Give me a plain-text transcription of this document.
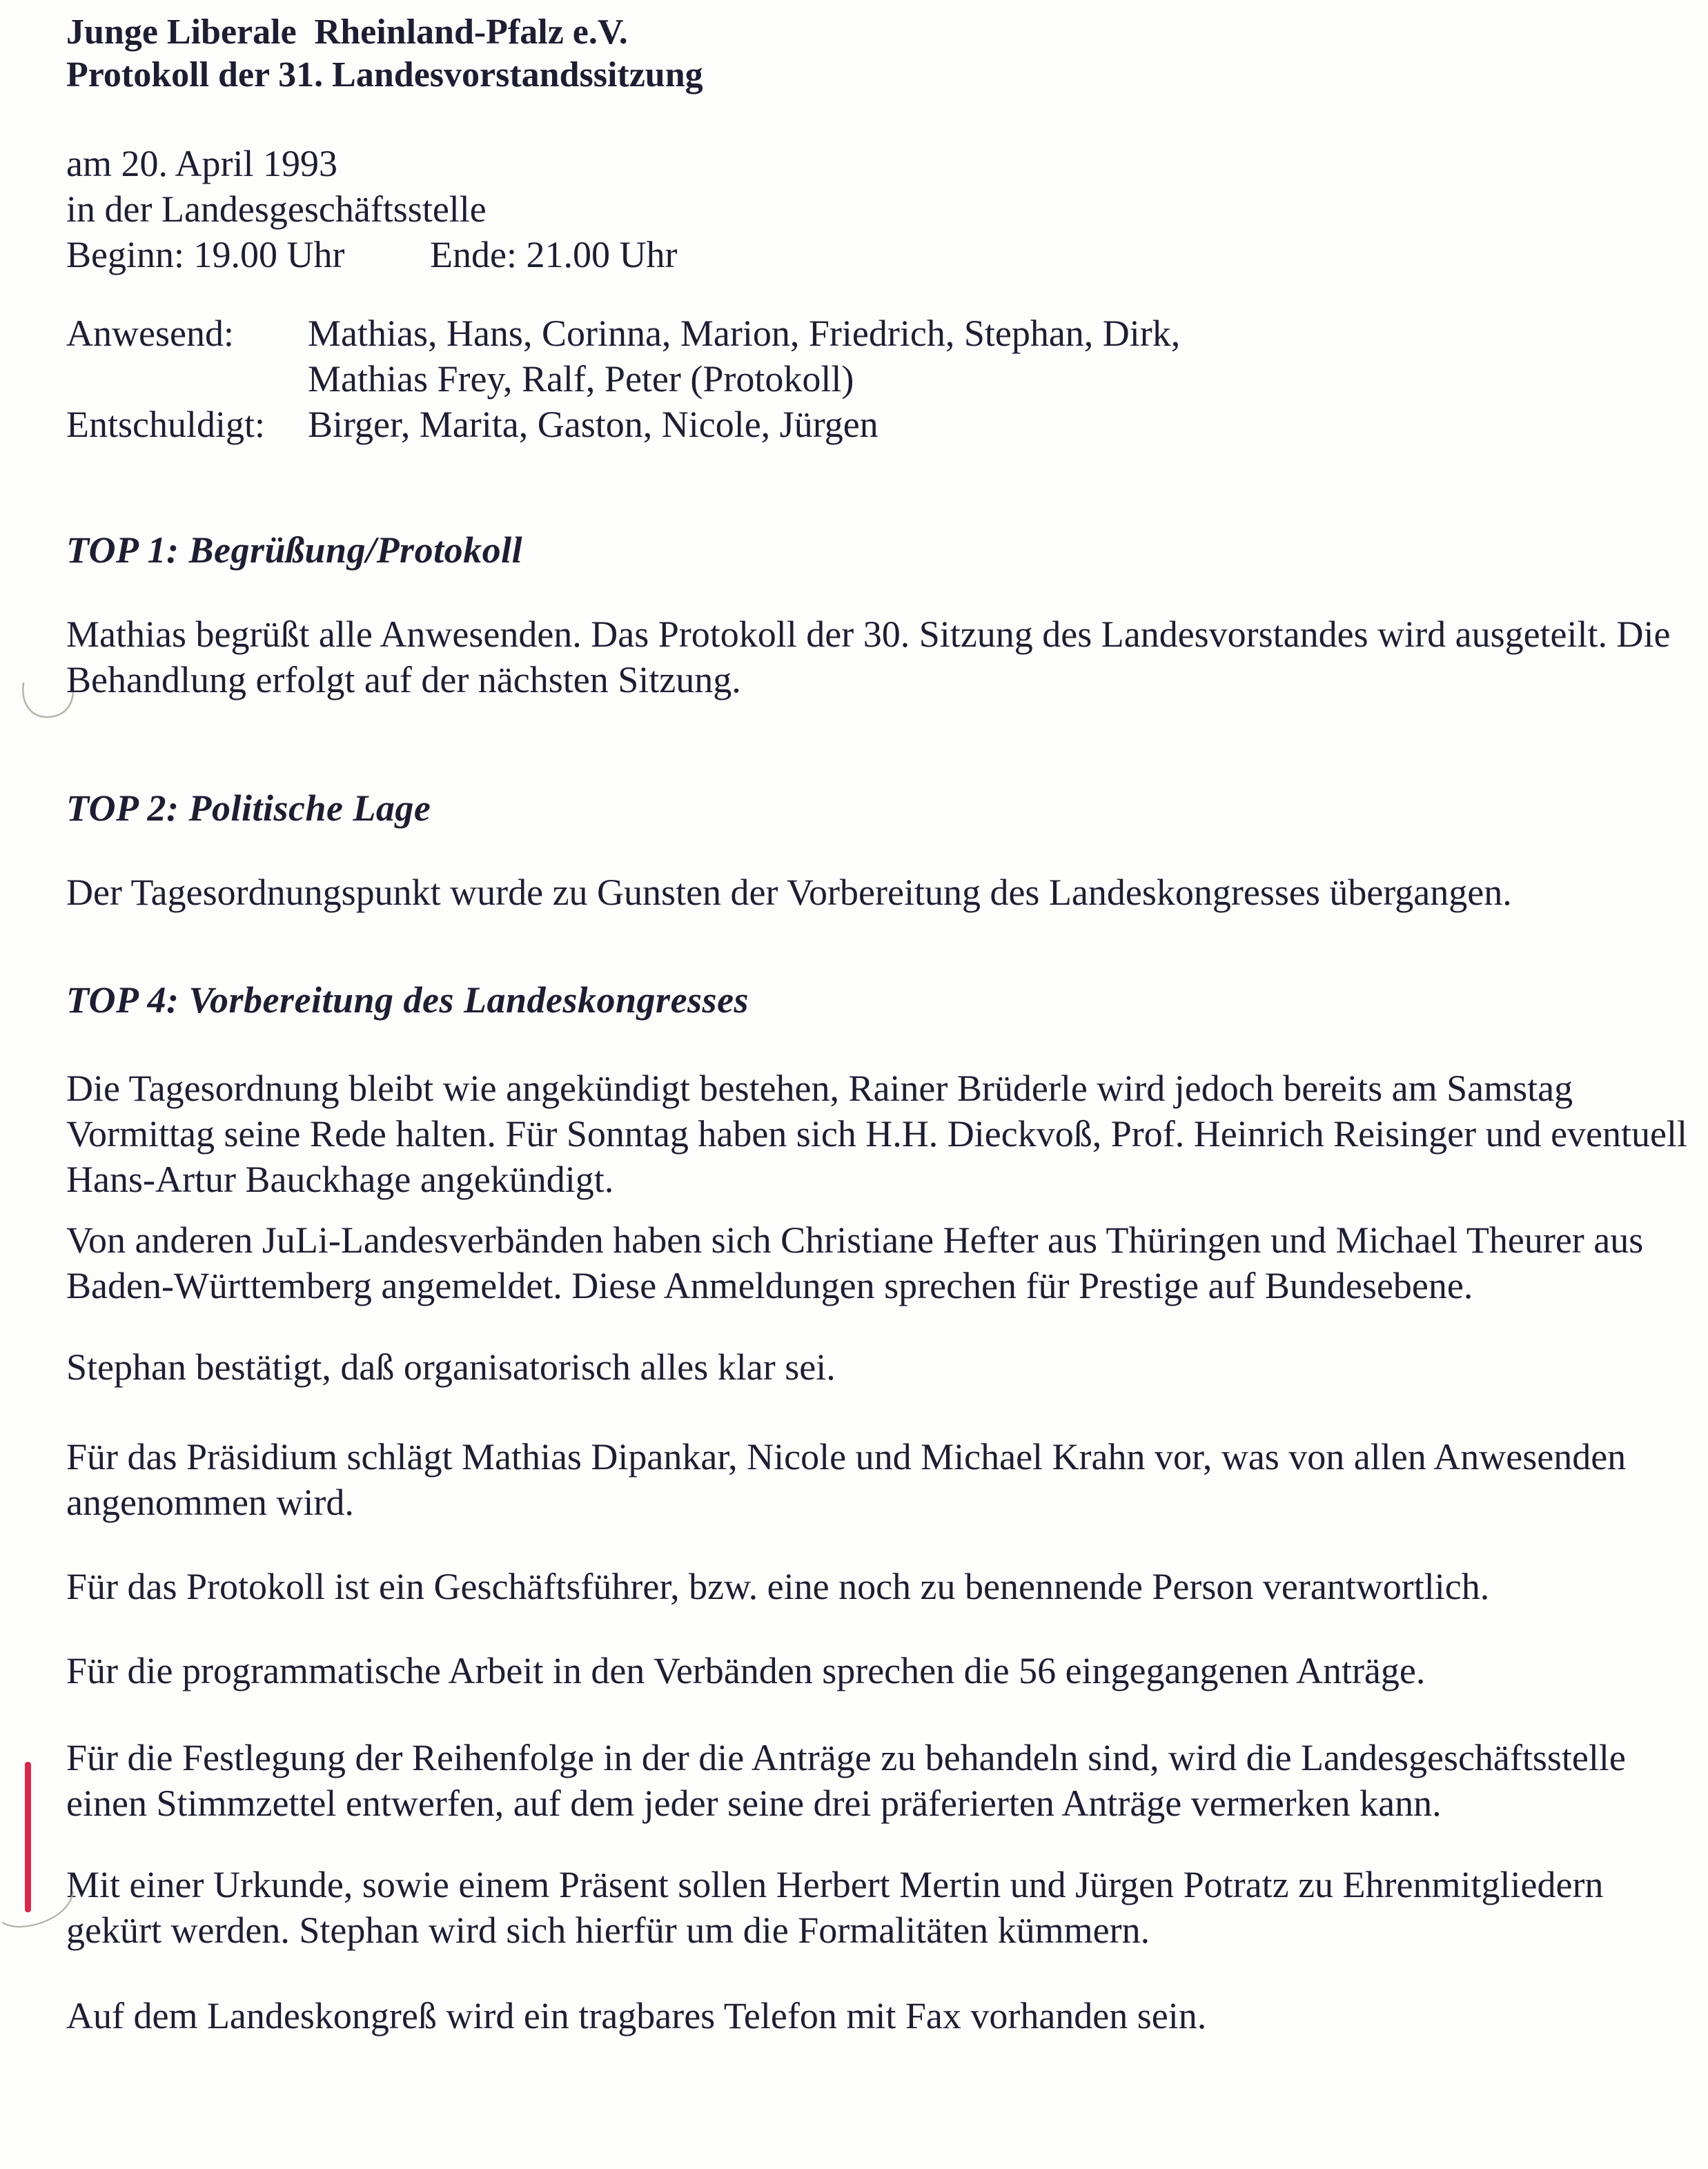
Junge Liberale  Rheinland-Pfalz e.V.
Protokoll der 31. Landesvorstandssitzung
am 20. April 1993
in der Landesgeschäftsstelle
Beginn: 19.00 Uhr Ende: 21.00 Uhr
Anwesend:	Mathias, Hans, Corinna, Marion, Friedrich, Stephan, Dirk,
Mathias Frey, Ralf, Peter (Protokoll)
Entschuldigt:	Birger, Marita, Gaston, Nicole, Jürgen
TOP 1: Begrüßung/Protokoll
Mathias begrüßt alle Anwesenden. Das Protokoll der 30. Sitzung des Landesvorstandes wird ausgeteilt. Die Behandlung erfolgt auf der nächsten Sitzung.
TOP 2: Politische Lage
Der Tagesordnungspunkt wurde zu Gunsten der Vorbereitung des Landeskongresses übergangen.
TOP 4: Vorbereitung des Landeskongresses
Die Tagesordnung bleibt wie angekündigt bestehen, Rainer Brüderle wird jedoch bereits am Samstag Vormittag seine Rede halten. Für Sonntag haben sich H.H. Dieckvoß, Prof. Heinrich Reisinger und eventuell Hans-Artur Bauckhage angekündigt.
Von anderen JuLi-Landesverbänden haben sich Christiane Hefter aus Thüringen und Michael Theurer aus Baden-Württemberg angemeldet. Diese Anmeldungen sprechen für Prestige auf Bundesebene.
Stephan bestätigt, daß organisatorisch alles klar sei.
Für das Präsidium schlägt Mathias Dipankar, Nicole und Michael Krahn vor, was von allen Anwesenden angenommen wird.
Für das Protokoll ist ein Geschäftsführer, bzw. eine noch zu benennende Person verantwortlich.
Für die programmatische Arbeit in den Verbänden sprechen die 56 eingegangenen Anträge.
Für die Festlegung der Reihenfolge in der die Anträge zu behandeln sind, wird die Landesgeschäftsstelle einen Stimmzettel entwerfen, auf dem jeder seine drei präferierten Anträge vermerken kann.
Mit einer Urkunde, sowie einem Präsent sollen Herbert Mertin und Jürgen Potratz zu Ehrenmitgliedern gekürt werden. Stephan wird sich hierfür um die Formalitäten kümmern.
Auf dem Landeskongreß wird ein tragbares Telefon mit Fax vorhanden sein.
